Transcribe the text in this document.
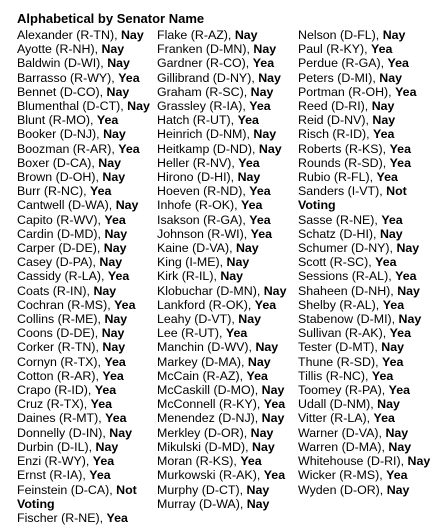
Alphabetical by Senator Name
Alexander (R-TN), Nay
Ayotte (R-NH), Nay
Baldwin (D-WI), Nay
Barrasso (R-WY), Yea
Bennet (D-CO), Nay
Blumenthal (D-CT), Nay
Blunt (R-MO), Yea
Booker (D-NJ), Nay
Boozman (R-AR), Yea
Boxer (D-CA), Nay
Brown (D-OH), Nay
Burr (R-NC), Yea
Cantwell (D-WA), Nay
Capito (R-WV), Yea
Cardin (D-MD), Nay
Carper (D-DE), Nay
Casey (D-PA), Nay
Cassidy (R-LA), Yea
Coats (R-IN), Nay
Cochran (R-MS), Yea
Collins (R-ME), Nay
Coons (D-DE), Nay
Corker (R-TN), Nay
Cornyn (R-TX), Yea
Cotton (R-AR), Yea
Crapo (R-ID), Yea
Cruz (R-TX), Yea
Daines (R-MT), Yea
Donnelly (D-IN), Nay
Durbin (D-IL), Nay
Enzi (R-WY), Yea
Ernst (R-IA), Yea
Feinstein (D-CA), Not Voting
Fischer (R-NE), Yea
Flake (R-AZ), Nay
Franken (D-MN), Nay
Gardner (R-CO), Yea
Gillibrand (D-NY), Nay
Graham (R-SC), Nay
Grassley (R-IA), Yea
Hatch (R-UT), Yea
Heinrich (D-NM), Nay
Heitkamp (D-ND), Nay
Heller (R-NV), Yea
Hirono (D-HI), Nay
Hoeven (R-ND), Yea
Inhofe (R-OK), Yea
Isakson (R-GA), Yea
Johnson (R-WI), Yea
Kaine (D-VA), Nay
King (I-ME), Nay
Kirk (R-IL), Nay
Klobuchar (D-MN), Nay
Lankford (R-OK), Yea
Leahy (D-VT), Nay
Lee (R-UT), Yea
Manchin (D-WV), Nay
Markey (D-MA), Nay
McCain (R-AZ), Yea
McCaskill (D-MO), Nay
McConnell (R-KY), Yea
Menendez (D-NJ), Nay
Merkley (D-OR), Nay
Mikulski (D-MD), Nay
Moran (R-KS), Yea
Murkowski (R-AK), Yea
Murphy (D-CT), Nay
Murray (D-WA), Nay
Nelson (D-FL), Nay
Paul (R-KY), Yea
Perdue (R-GA), Yea
Peters (D-MI), Nay
Portman (R-OH), Yea
Reed (D-RI), Nay
Reid (D-NV), Nay
Risch (R-ID), Yea
Roberts (R-KS), Yea
Rounds (R-SD), Yea
Rubio (R-FL), Yea
Sanders (I-VT), Not Voting
Sasse (R-NE), Yea
Schatz (D-HI), Nay
Schumer (D-NY), Nay
Scott (R-SC), Yea
Sessions (R-AL), Yea
Shaheen (D-NH), Nay
Shelby (R-AL), Yea
Stabenow (D-MI), Nay
Sullivan (R-AK), Yea
Tester (D-MT), Nay
Thune (R-SD), Yea
Tillis (R-NC), Yea
Toomey (R-PA), Yea
Udall (D-NM), Nay
Vitter (R-LA), Yea
Warner (D-VA), Nay
Warren (D-MA), Nay
Whitehouse (D-RI), Nay
Wicker (R-MS), Yea
Wyden (D-OR), Nay
